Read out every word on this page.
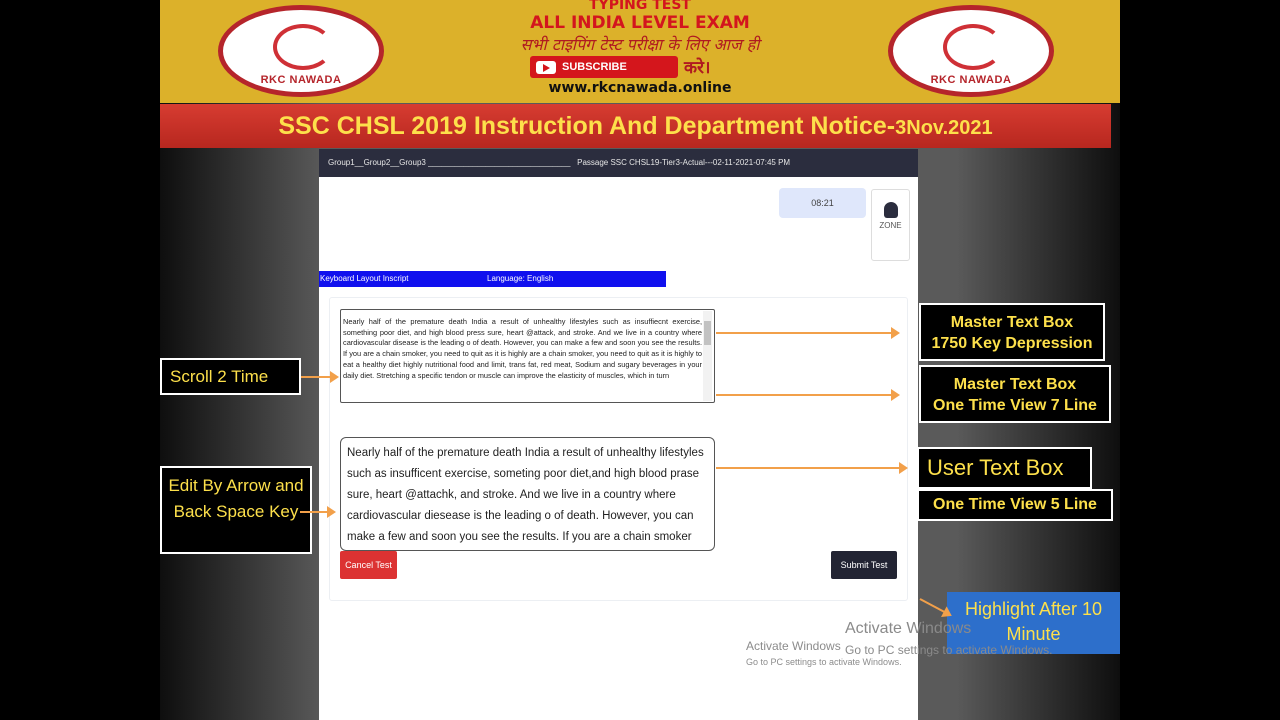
RKC NAWADA	RKC NAWADA
TYPING TEST
ALL INDIA LEVEL EXAM
सभी टाइपिंग टेस्ट परीक्षा के लिए आज ही
SUBSCRIBE	करे।
www.rkcnawada.online
SSC CHSL 2019 Instruction And Department Notice-3Nov.2021
Group1__Group2__Group3 ________________________________   Passage SSC CHSL19-Tier3-Actual---02-11-2021-07:45 PM
08:21
ZONE
Keyboard Layout Inscript	Language: English
Nearly half of the premature death India a result of unhealthy lifestyles such as insuffiecnt exercise, something poor diet, and high blood press sure, heart @attack, and stroke. And we live in a country where cardiovascular disease is the leading o of death. However, you can make a few and soon you see the results. If you are a chain smoker, you need to quit as it is highly are a chain smoker, you need to quit as it is highly to eat a healthy diet highly nutritional food and limit, trans fat, red meat, Sodium and sugary beverages in your daily diet. Stretching a specific tendon or muscle can improve the elasticity of muscles, which in turn
Nearly half of the premature death India a result of unhealthy lifestyles such as insufficent exercise, someting poor diet,and high blood prase sure, heart @attachk, and stroke. And we live in a country where cardiovascular diesease is the leading o of death. However, you can make a few and soon you see the results. If you are a chain smoker
Cancel Test	Submit Test
Activate Windows
Go to PC settings to activate Windows.
Scroll 2 Time
Edit By Arrow and Back Space Key
Master Text Box
1750 Key Depression
Master Text Box
One Time View 7 Line
User Text Box
One Time View 5 Line
Highlight After 10 Minute
Activate Windows
Go to PC settings to activate Windows.
